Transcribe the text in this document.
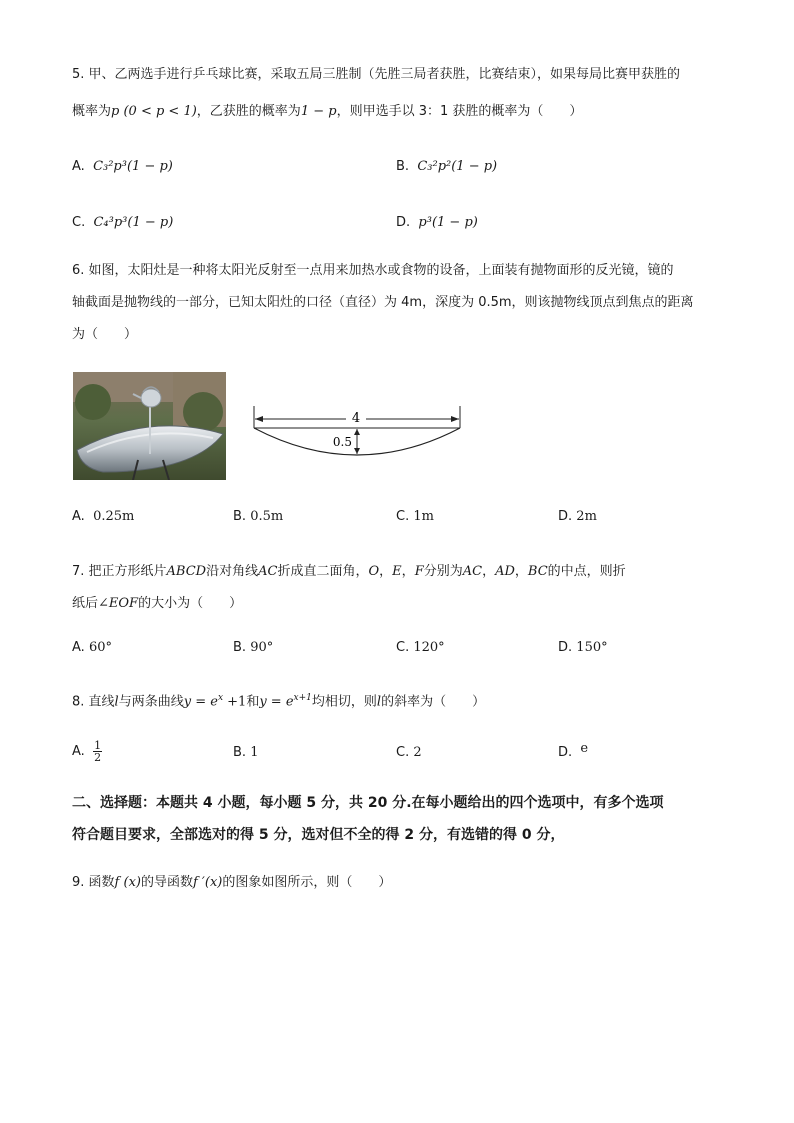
5. 甲、乙两选手进行乒乓球比赛，采取五局三胜制（先胜三局者获胜，比赛结束），如果每局比赛甲获胜的
概率为p (0 < p < 1)，乙获胜的概率为1 − p，则甲选手以 3：1 获胜的概率为（　　）
A. C₃²p³(1 − p)	B. C₃²p²(1 − p)
C. C₄³p³(1 − p)	D. p³(1 − p)
6. 如图，太阳灶是一种将太阳光反射至一点用来加热水或食物的设备，上面装有抛物面形的反光镜，镜的
轴截面是抛物线的一部分，已知太阳灶的口径（直径）为 4m，深度为 0.5m，则该抛物线顶点到焦点的距离
为（　　）
4
0.5
A. 0.25m	B. 0.5m	C. 1m	D. 2m
7. 把正方形纸片ABCD沿对角线AC折成直二面角，O，E，F分别为AC，AD，BC的中点，则折
纸后∠EOF的大小为（　　）
A. 60°	B. 90°	C. 120°	D. 150°
8. 直线l与两条曲线$y = e^x +1$和$y = e^{x+1}$均相切，则l的斜率为（　　）
A. $\frac{1}{2}$	B. 1	C. 2	D. e
二、选择题：本题共 4 小题，每小题 5 分，共 20 分.在每小题给出的四个选项中，有多个选项
符合题目要求，全部选对的得 5 分，选对但不全的得 2 分，有选错的得 0 分，
9. 函数f (x)的导函数f ′(x)的图象如图所示，则（　　）
